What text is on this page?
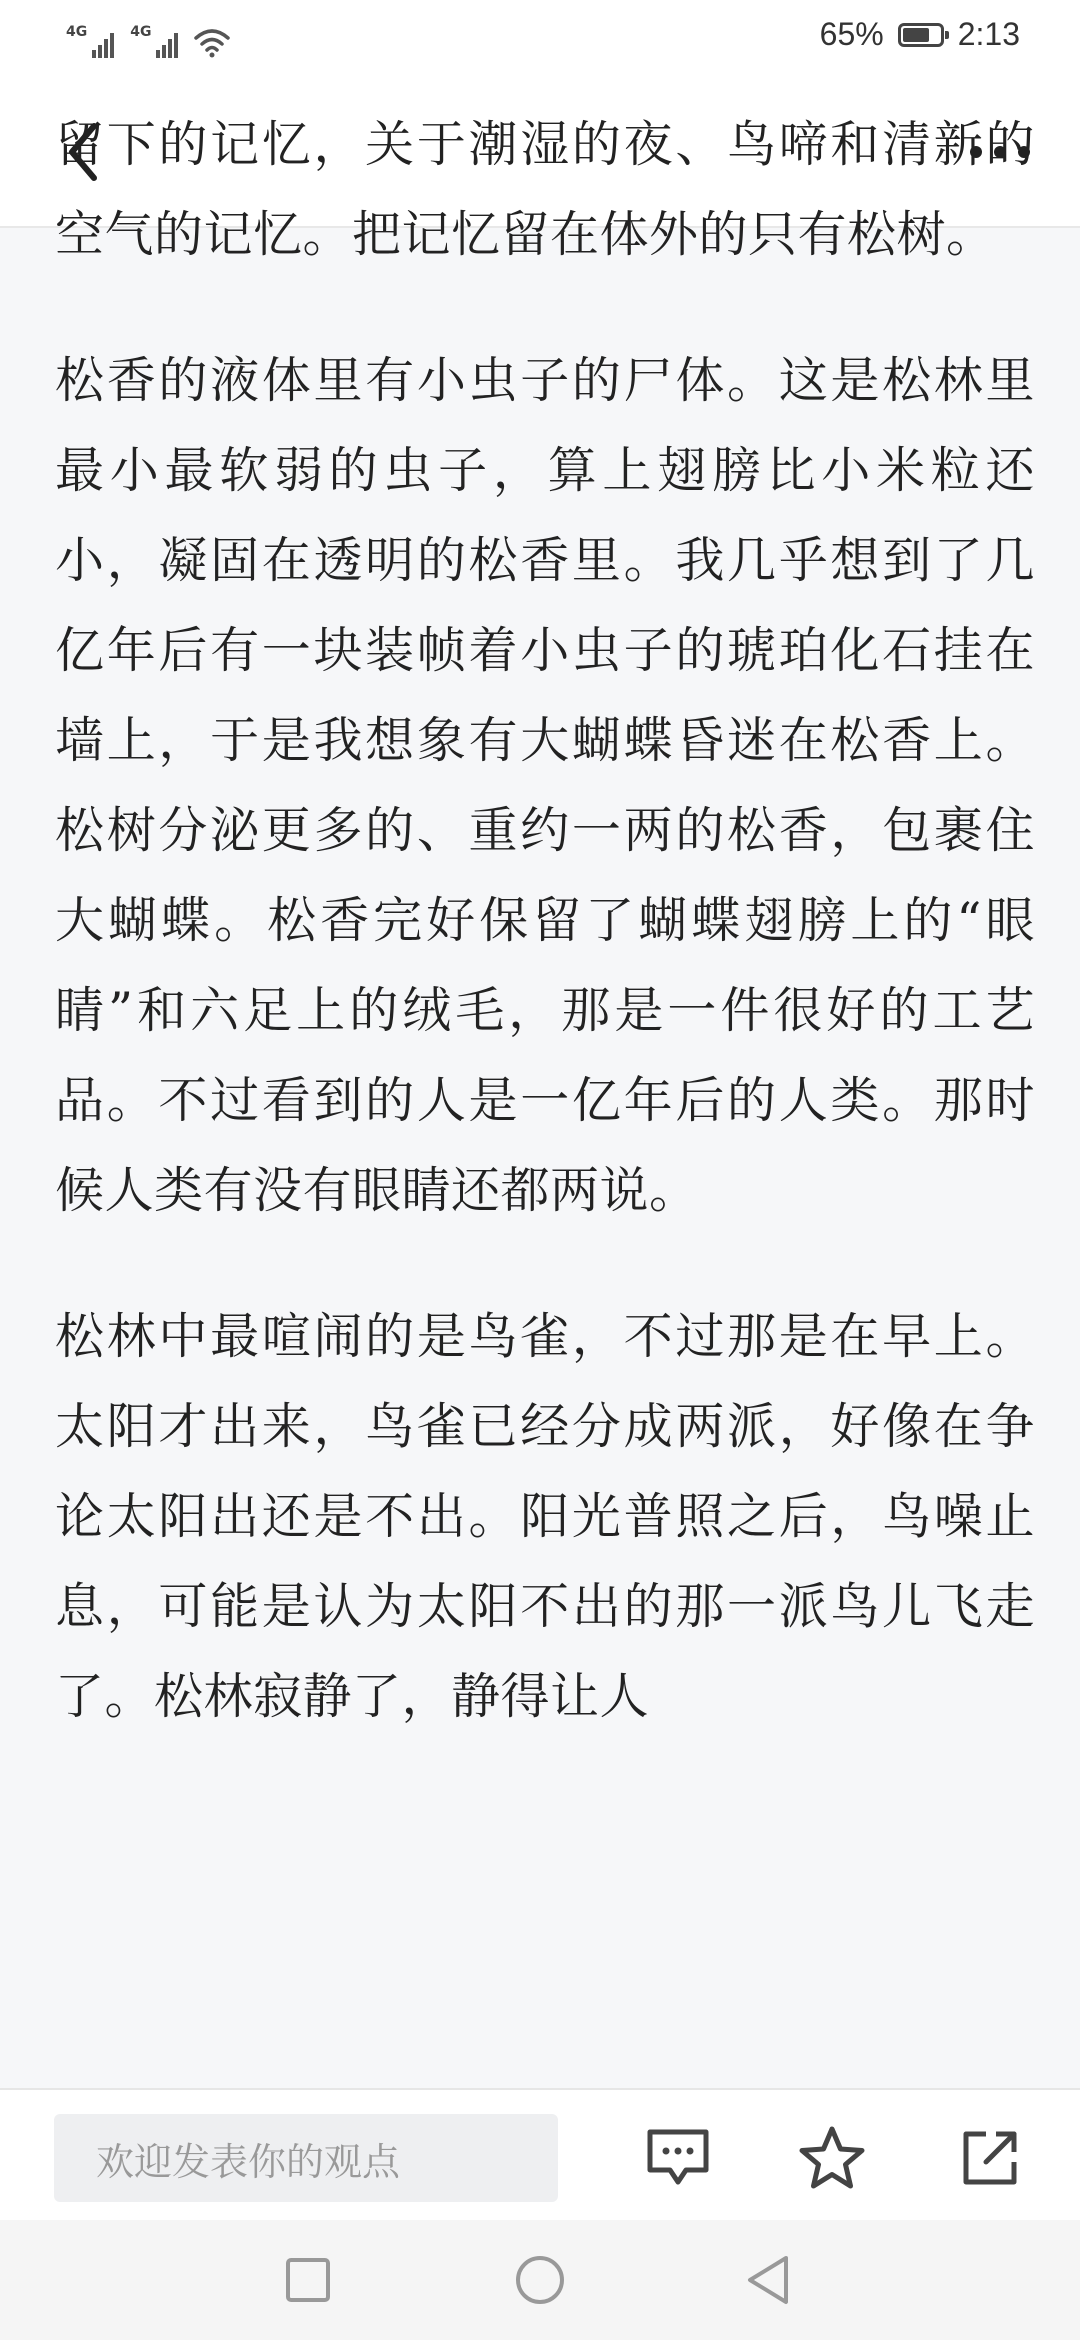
4G	4G	65% 2:13

留下的记忆，关于潮湿的夜、鸟啼和清新的空气的记忆。把记忆留在体外的只有松树。

松香的液体里有小虫子的尸体。这是松林里最小最软弱的虫子，算上翅膀比小米粒还小，凝固在透明的松香里。我几乎想到了几亿年后有一块装帧着小虫子的琥珀化石挂在墙上，于是我想象有大蝴蝶昏迷在松香上。松树分泌更多的、重约一两的松香，包裹住大蝴蝶。松香完好保留了蝴蝶翅膀上的“眼睛”和六足上的绒毛，那是一件很好的工艺品。不过看到的人是一亿年后的人类。那时候人类有没有眼睛还都两说。

松林中最喧闹的是鸟雀，不过那是在早上。太阳才出来，鸟雀已经分成两派，好像在争论太阳出还是不出。阳光普照之后，鸟噪止息，可能是认为太阳不出的那一派鸟儿飞走了。松林寂静了，静得让人

欢迎发表你的观点
